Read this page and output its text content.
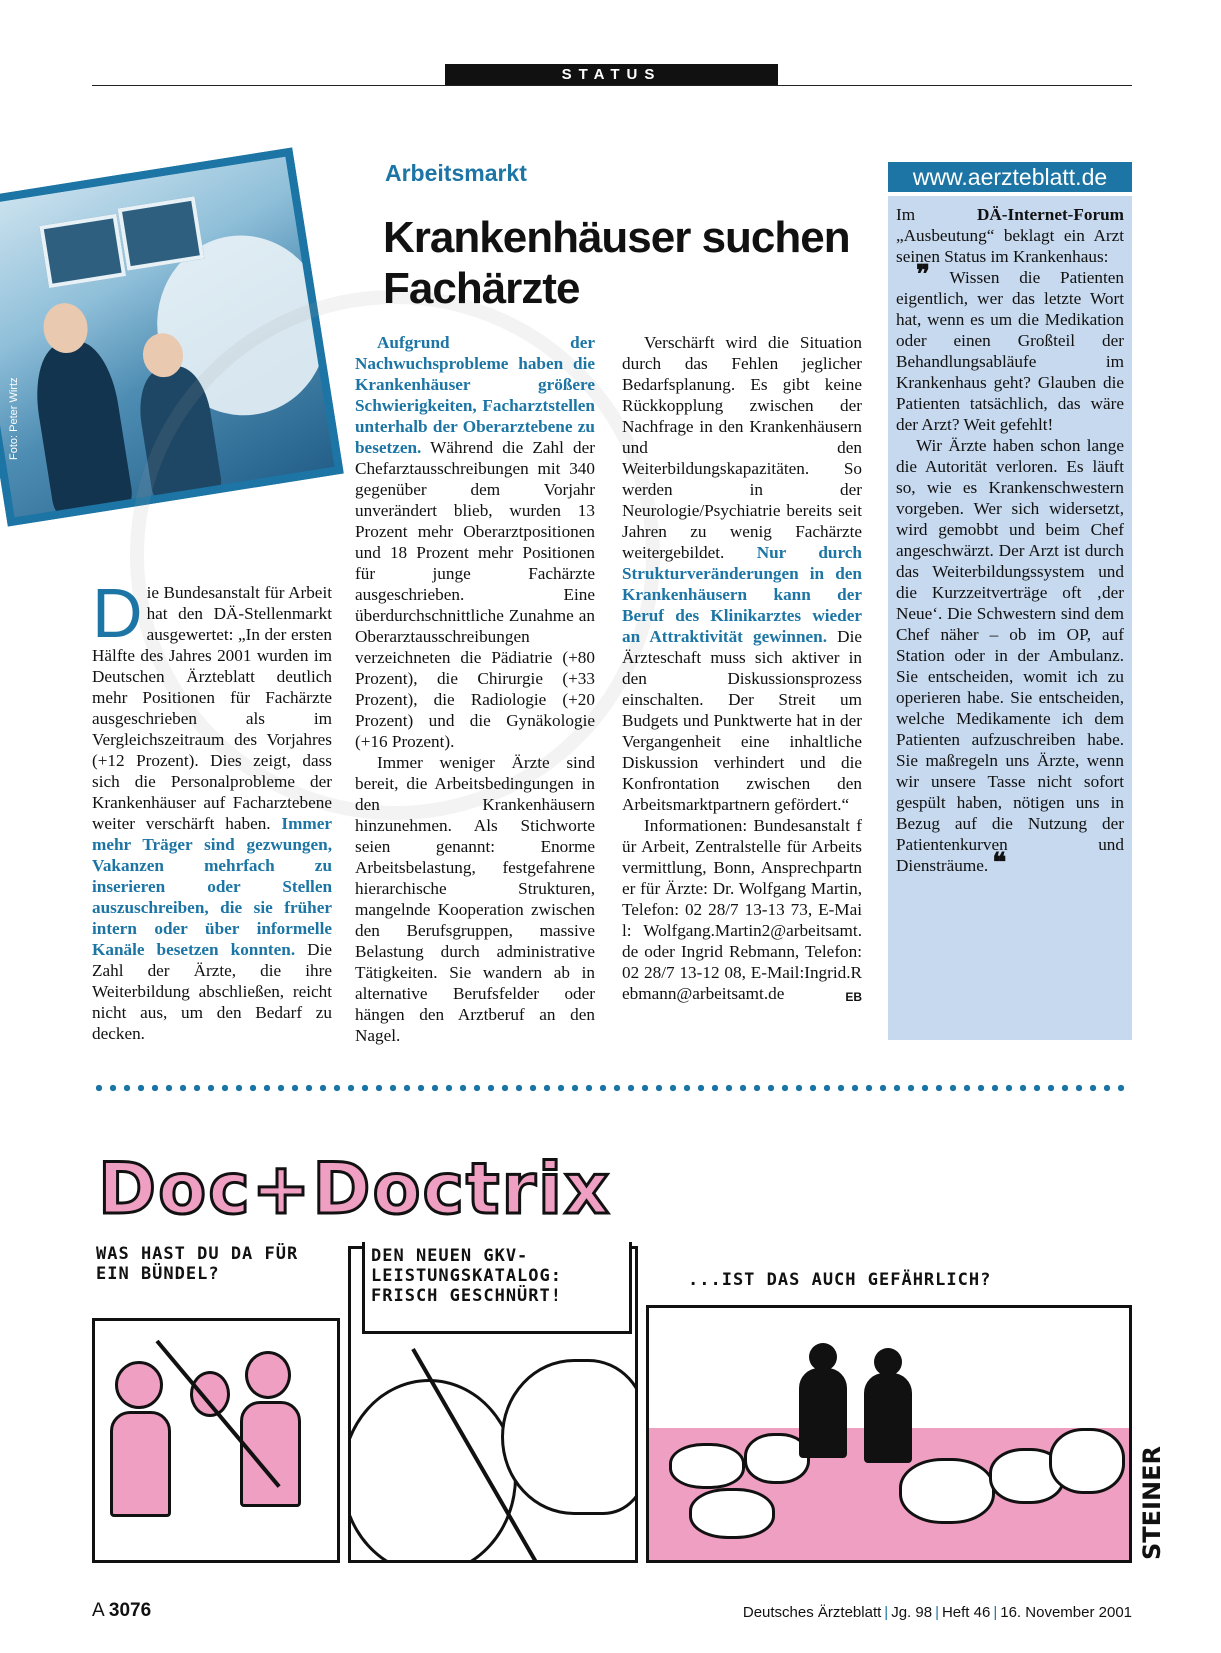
STATUS
Foto: Peter Wirtz
Arbeitsmarkt
Krankenhäuser suchen Fachärzte

Die Bundesanstalt für Arbeit hat den DÄ-Stellenmarkt ausgewertet: „In der ersten Hälfte des Jahres 2001 wurden im Deutschen Ärzteblatt deutlich mehr Positionen für Fachärzte ausgeschrieben als im Vergleichszeitraum des Vorjahres (+12 Prozent). Dies zeigt, dass sich die Personalprobleme der Krankenhäuser auf Facharztebene weiter verschärft haben. Immer mehr Träger sind gezwungen, Vakanzen mehrfach zu inserieren oder Stellen auszuschreiben, die sie früher intern oder über informelle Kanäle besetzen konnten. Die Zahl der Ärzte, die ihre Weiterbildung abschließen, reicht nicht aus, um den Bedarf zu decken.

Aufgrund der Nachwuchsprobleme haben die Krankenhäuser größere Schwierigkeiten, Facharztstellen unterhalb der Oberarztebene zu besetzen. Während die Zahl der Chefarztausschreibungen mit 340 gegenüber dem Vorjahr unverändert blieb, wurden 13 Prozent mehr Oberarztpositionen und 18 Prozent mehr Positionen für junge Fachärzte ausgeschrieben. Eine überdurchschnittliche Zunahme an Oberarztausschreibungen verzeichneten die Pädiatrie (+80 Prozent), die Chirurgie (+33 Prozent), die Radiologie (+20 Prozent) und die Gynäkologie (+16 Prozent).

Immer weniger Ärzte sind bereit, die Arbeitsbedingungen in den Krankenhäusern hinzunehmen. Als Stichworte seien genannt: Enorme Arbeitsbelastung, festgefahrene hierarchische Strukturen, mangelnde Kooperation zwischen den Berufsgruppen, massive Belastung durch administrative Tätigkeiten. Sie wandern ab in alternative Berufsfelder oder hängen den Arztberuf an den Nagel.

Verschärft wird die Situation durch das Fehlen jeglicher Bedarfsplanung. Es gibt keine Rückkopplung zwischen der Nachfrage in den Krankenhäusern und den Weiterbildungskapazitäten. So werden in der Neurologie/Psychiatrie bereits seit Jahren zu wenig Fachärzte weitergebildet. Nur durch Strukturveränderungen in den Krankenhäusern kann der Beruf des Klinikarztes wieder an Attraktivität gewinnen. Die Ärzteschaft muss sich aktiver in den Diskussionsprozess einschalten. Der Streit um Budgets und Punktwerte hat in der Vergangenheit eine inhaltliche Diskussion verhindert und die Konfrontation zwischen den Arbeitsmarktpartnern gefördert.“

Informationen: Bundesanstalt für Arbeit, Zentralstelle für Arbeitsvermittlung, Bonn, Ansprechpartner für Ärzte: Dr. Wolfgang Martin, Telefon: 02 28/7 13-13 73, E-Mail: Wolfgang.Martin2@arbeitsamt.de oder Ingrid Rebmann, Telefon: 02 28/7 13-12 08, E-Mail:Ingrid.Rebmann@arbeitsamt.de	EB

www.aerzteblatt.de

Im	DÄ-Internet-Forum „Ausbeutung“ beklagt ein Arzt seinen Status im Krankenhaus:

❞ Wissen die Patienten eigentlich, wer das letzte Wort hat, wenn es um die Medikation oder einen Großteil der Behandlungsabläufe im Krankenhaus geht? Glauben die Patienten tatsächlich, das wäre der Arzt? Weit gefehlt!

Wir Ärzte haben schon lange die Autorität verloren. Es läuft so, wie es Krankenschwestern vorgeben. Wer sich widersetzt, wird gemobbt und beim Chef angeschwärzt. Der Arzt ist durch das Weiterbildungssystem und die Kurzzeitverträge oft ‚der Neue‘. Die Schwestern sind dem Chef näher – ob im OP, auf Station oder in der Ambulanz. Sie entscheiden, womit ich zu operieren habe. Sie entscheiden, welche Medikamente ich dem Patienten aufzuschreiben habe. Sie maßregeln uns Ärzte, wenn wir unsere Tasse nicht sofort gespült haben, nötigen uns in Bezug auf die Nutzung der Patientenkurven und Diensträume. ❝

Doc+Doctrix
WAS HAST DU DA FÜR EIN BÜNDEL?
DEN NEUEN GKV-LEISTUNGSKATALOG: FRISCH GESCHNÜRT!
...IST DAS AUCH GEFÄHRLICH?
STEINER
A 3076	Deutsches Ärzteblatt | Jg. 98 | Heft 46 | 16. November 2001
